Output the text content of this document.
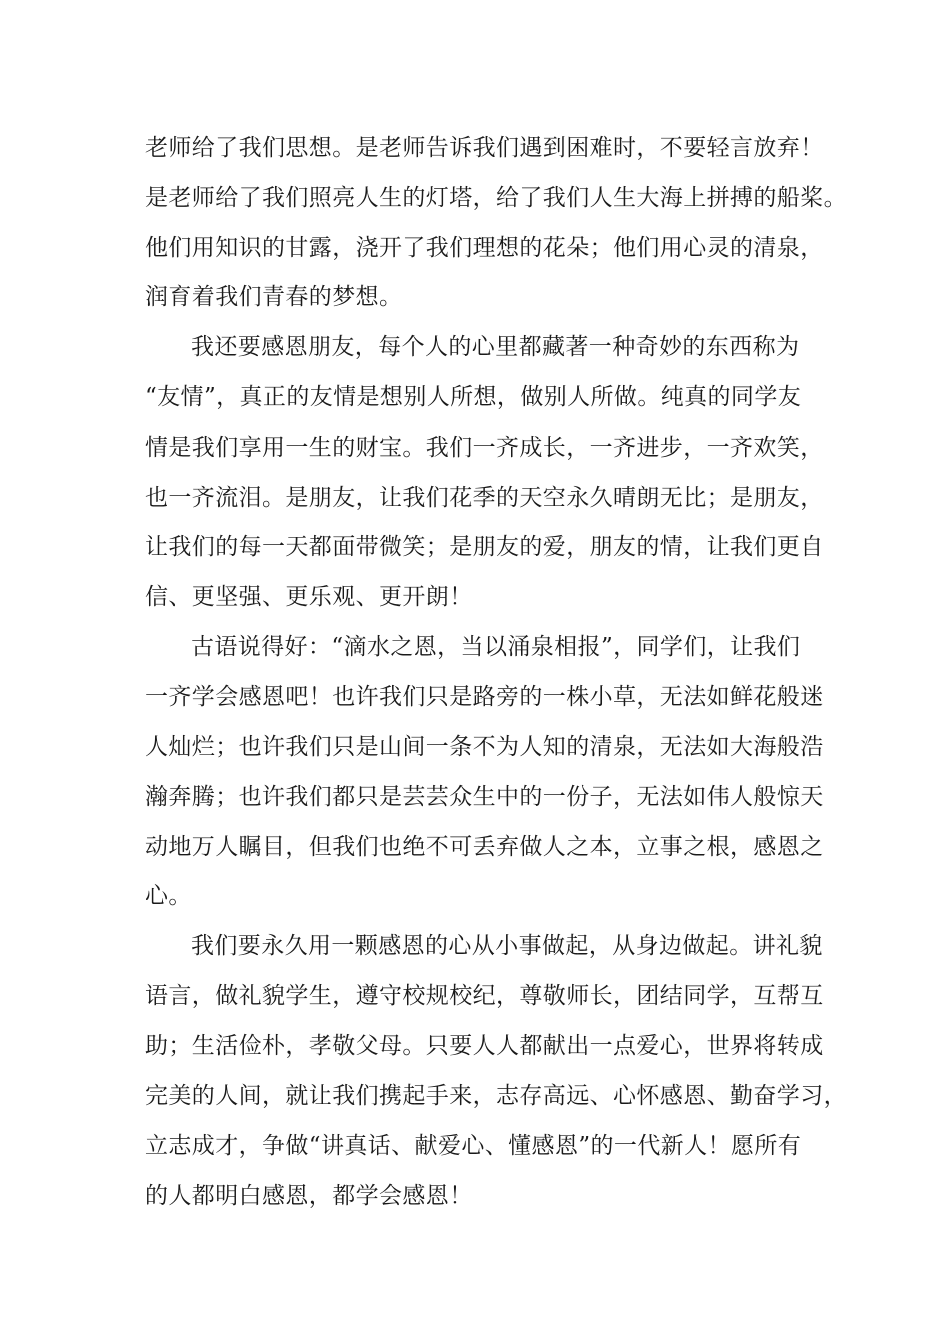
老师给了我们思想。是老师告诉我们遇到困难时，不要轻言放弃！
是老师给了我们照亮人生的灯塔，给了我们人生大海上拼搏的船桨。
他们用知识的甘露，浇开了我们理想的花朵；他们用心灵的清泉，
润育着我们青春的梦想。
我还要感恩朋友，每个人的心里都藏著一种奇妙的东西称为
“友情”，真正的友情是想别人所想，做别人所做。纯真的同学友
情是我们享用一生的财宝。我们一齐成长，一齐进步，一齐欢笑，
也一齐流泪。是朋友，让我们花季的天空永久晴朗无比；是朋友，
让我们的每一天都面带微笑；是朋友的爱，朋友的情，让我们更自
信、更坚强、更乐观、更开朗！
古语说得好：“滴水之恩，当以涌泉相报”，同学们，让我们
一齐学会感恩吧！也许我们只是路旁的一株小草，无法如鲜花般迷
人灿烂；也许我们只是山间一条不为人知的清泉，无法如大海般浩
瀚奔腾；也许我们都只是芸芸众生中的一份子，无法如伟人般惊天
动地万人瞩目，但我们也绝不可丢弃做人之本，立事之根，感恩之
心。
我们要永久用一颗感恩的心从小事做起，从身边做起。讲礼貌
语言，做礼貌学生，遵守校规校纪，尊敬师长，团结同学，互帮互
助；生活俭朴，孝敬父母。只要人人都献出一点爱心，世界将转成
完美的人间，就让我们携起手来，志存高远、心怀感恩、勤奋学习，
立志成才，争做“讲真话、献爱心、懂感恩”的一代新人！愿所有
的人都明白感恩，都学会感恩！
